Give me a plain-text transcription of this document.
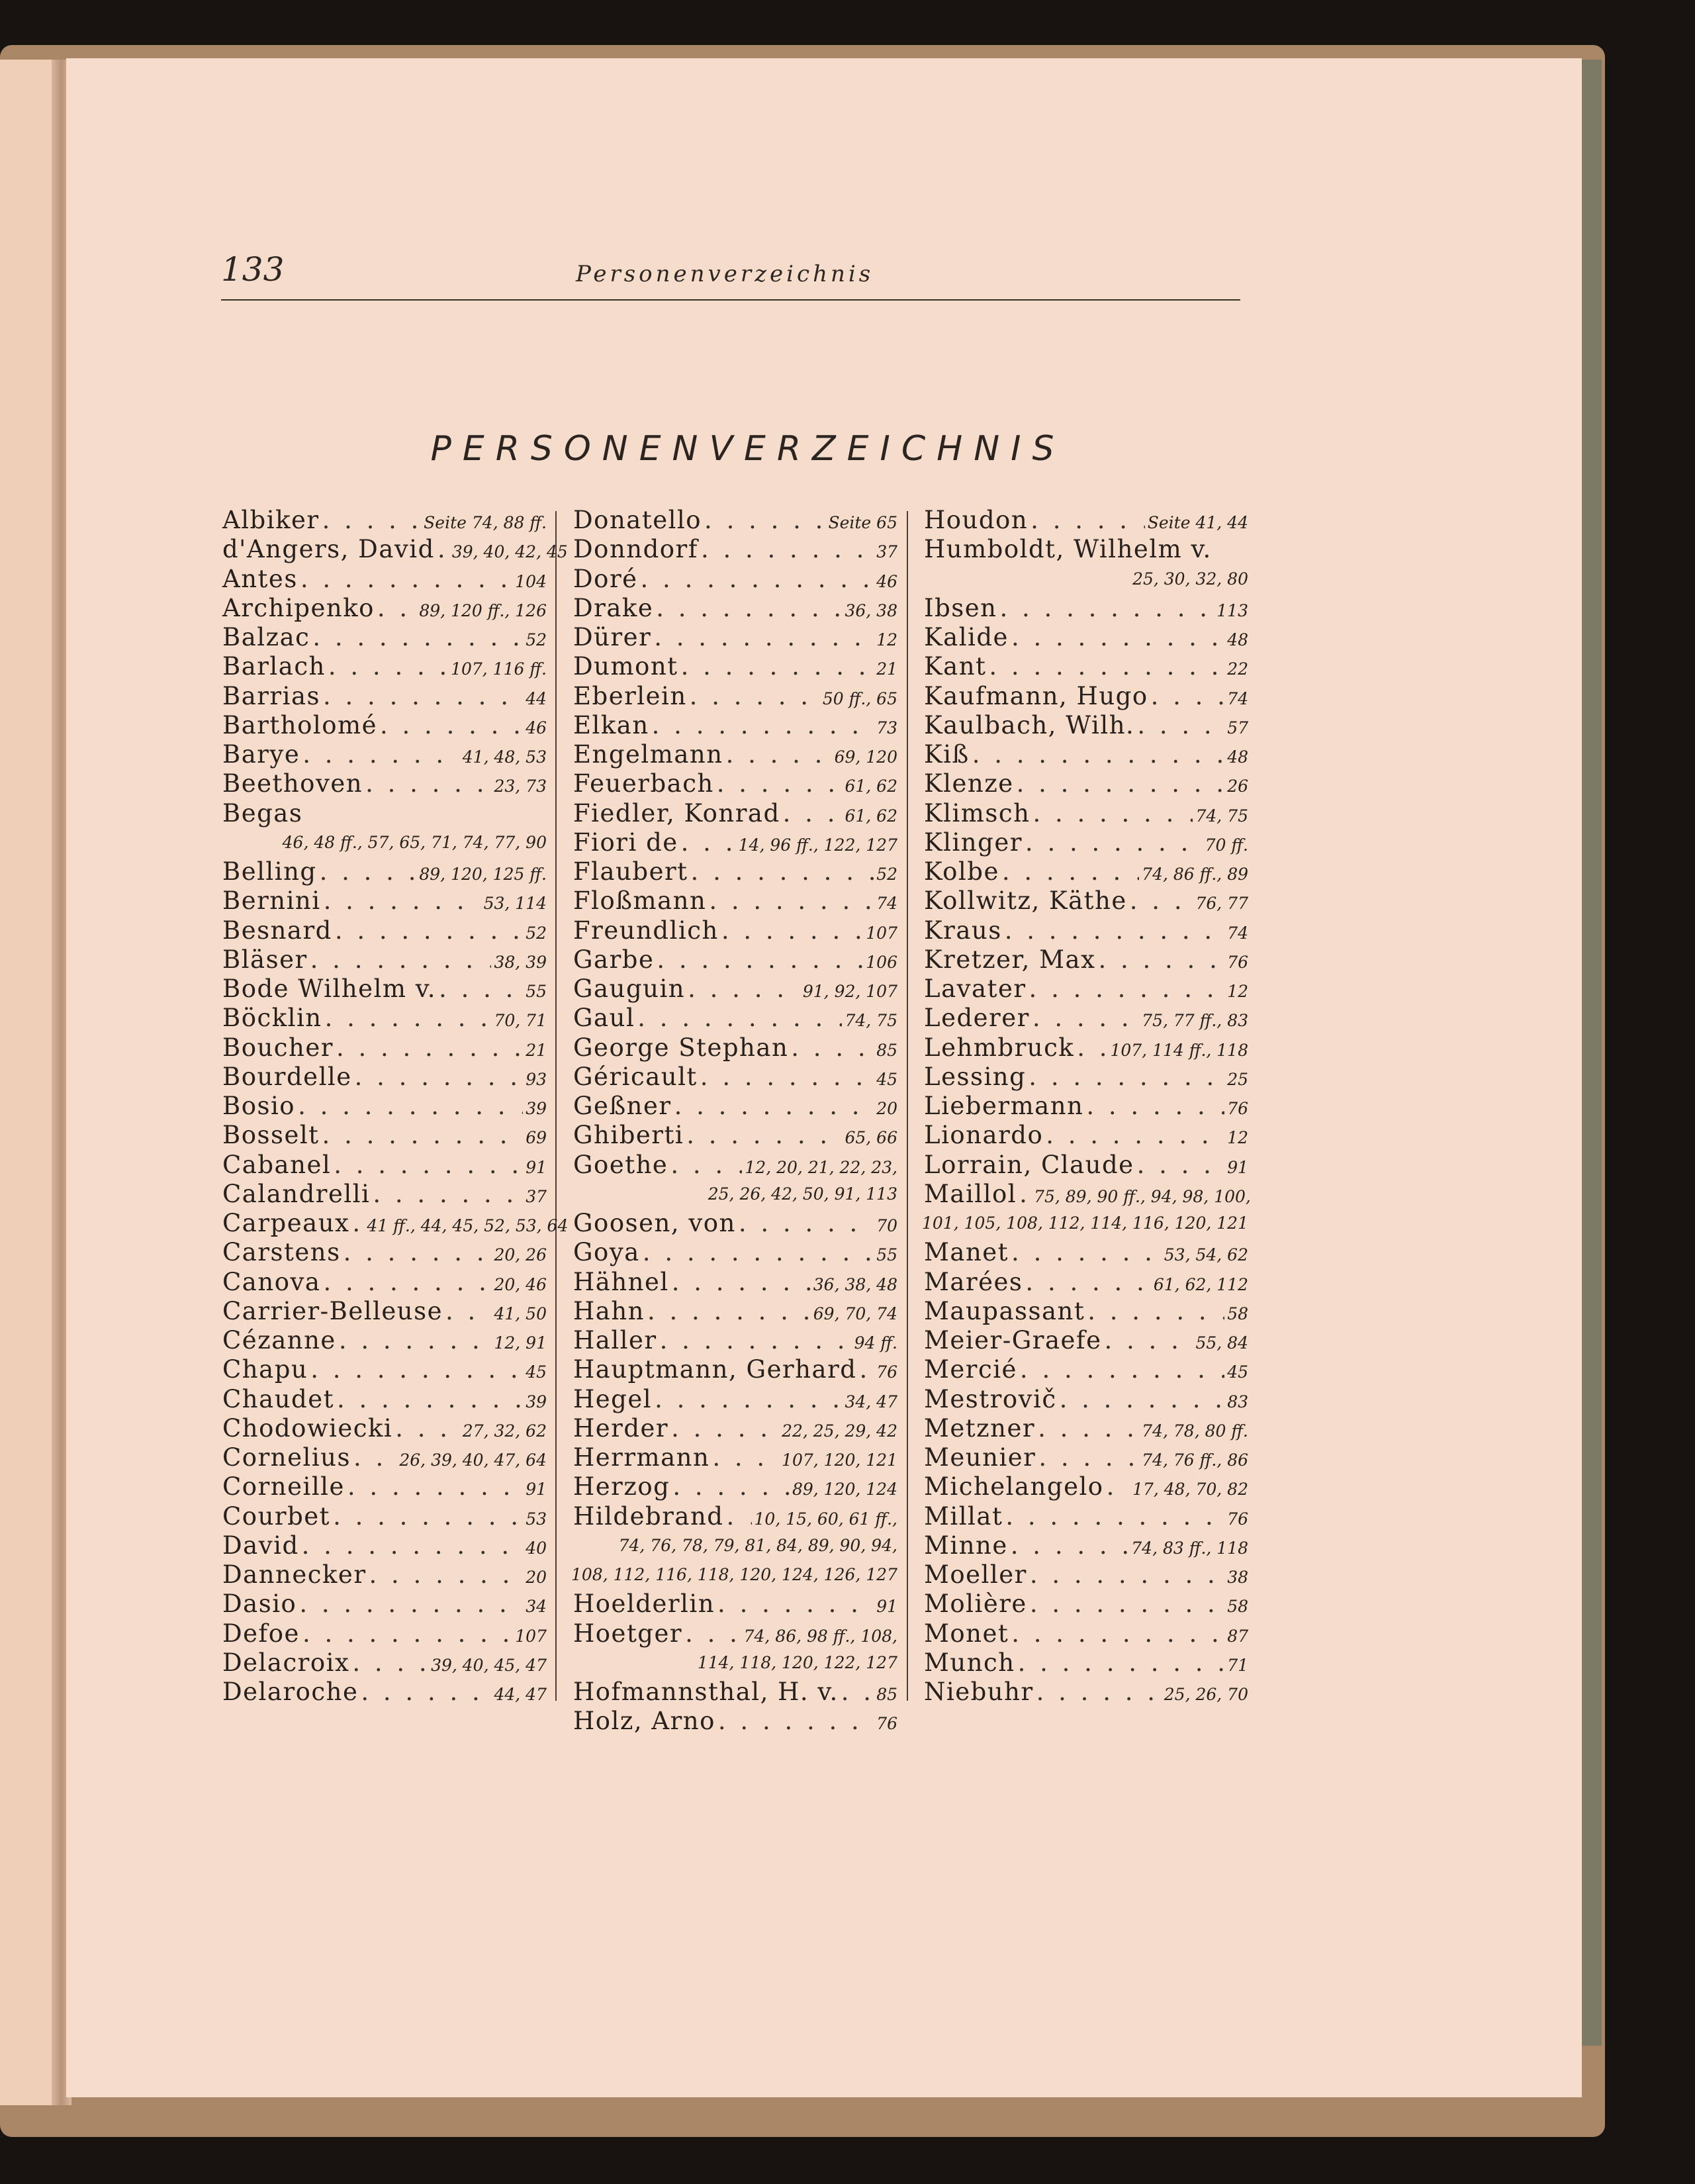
133	Personenverzeichnis
PERSONENVERZEICHNIS
Albiker . . .	Seite 74, 88 ff.
d'Angers, David . . . 39, 40, 42, 45
Antes . . .	104
Archipenko . . .	89, 120 ff., 126
Balzac . . .	52
Barlach . . .	107, 116 ff.
Barrias . . .	44
Bartholomé . . .	46
Barye . . .	41, 48, 53
Beethoven . . .	23, 73
Begas
46, 48 ff., 57, 65, 71, 74, 77, 90
Belling . . .	89, 120, 125 ff.
Bernini . . .	53, 114
Besnard . . .	52
Bläser . . .	38, 39
Bode Wilhelm v. . . .	55
Böcklin . . .	70, 71
Boucher . . .	21
Bourdelle . . .	93
Bosio . . .	39
Bosselt . . .	69
Cabanel . . .	91
Calandrelli . . .	37
Carpeaux . . . 41 ff., 44, 45, 52, 53, 64
Carstens . . .	20, 26
Canova . . .	20, 46
Carrier-Belleuse . . .	41, 50
Cézanne . . .	12, 91
Chapu . . .	45
Chaudet . . .	39
Chodowiecki . . .	27, 32, 62
Cornelius . . .	26, 39, 40, 47, 64
Corneille . . .	91
Courbet . . .	53
David . . .	40
Dannecker . . .	20
Dasio . . .	34
Defoe . . .	107
Delacroix . . .	39, 40, 45, 47
Delaroche . . .	44, 47
Donatello . . .	Seite 65
Donndorf . . .	37
Doré . . .	46
Drake . . .	36, 38
Dürer . . .	12
Dumont . . .	21
Eberlein . . .	50 ff., 65
Elkan . . .	73
Engelmann . . .	69, 120
Feuerbach . . .	61, 62
Fiedler, Konrad . . .	61, 62
Fiori de . . .	14, 96 ff., 122, 127
Flaubert . . .	52
Floßmann . . .	74
Freundlich . . .	107
Garbe . . .	106
Gauguin . . .	91, 92, 107
Gaul . . .	74, 75
George Stephan . . .	85
Géricault . . .	45
Geßner . . .	20
Ghiberti . . .	65, 66
Goethe . . .	12, 20, 21, 22, 23,
25, 26, 42, 50, 91, 113
Goosen, von . . .	70
Goya . . .	55
Hähnel . . .	36, 38, 48
Hahn . . .	69, 70, 74
Haller . . .	94 ff.
Hauptmann, Gerhard . . . 76
Hegel . . .	34, 47
Herder . . .	22, 25, 29, 42
Herrmann . . .	107, 120, 121
Herzog . . .	89, 120, 124
Hildebrand . . . 10, 15, 60, 61 ff.,
74, 76, 78, 79, 81, 84, 89, 90, 94,
108, 112, 116, 118, 120, 124, 126, 127
Hoelderlin . . .	91
Hoetger . . .	74, 86, 98 ff., 108,
114, 118, 120, 122, 127
Hofmannsthal, H. v. . . . 85
Holz, Arno . . .	76
Houdon . . .	Seite 41, 44
Humboldt, Wilhelm v.
25, 30, 32, 80
Ibsen . . .	113
Kalide . . .	48
Kant . . .	22
Kaufmann, Hugo . . .	74
Kaulbach, Wilh. . . .	57
Kiß . . .	48
Klenze . . .	26
Klimsch . . .	74, 75
Klinger . . .	70 ff.
Kolbe . . .	74, 86 ff., 89
Kollwitz, Käthe . . .	76, 77
Kraus . . .	74
Kretzer, Max . . .	76
Lavater . . .	12
Lederer . . .	75, 77 ff., 83
Lehmbruck . . . 107, 114 ff., 118
Lessing . . .	25
Liebermann . . .	76
Lionardo . . .	12
Lorrain, Claude . . .	91
Maillol . . . 75, 89, 90 ff., 94, 98, 100,
101, 105, 108, 112, 114, 116, 120, 121
Manet . . .	53, 54, 62
Marées . . .	61, 62, 112
Maupassant . . .	58
Meier-Graefe . . .	55, 84
Mercié . . .	45
Mestrovič . . .	83
Metzner . . .	74, 78, 80 ff.
Meunier . . .	74, 76 ff., 86
Michelangelo . . . 17, 48, 70, 82
Millat . . .	76
Minne . . .	74, 83 ff., 118
Moeller . . .	38
Molière . . .	58
Monet . . .	87
Munch . . .	71
Niebuhr . . .	25, 26, 70
